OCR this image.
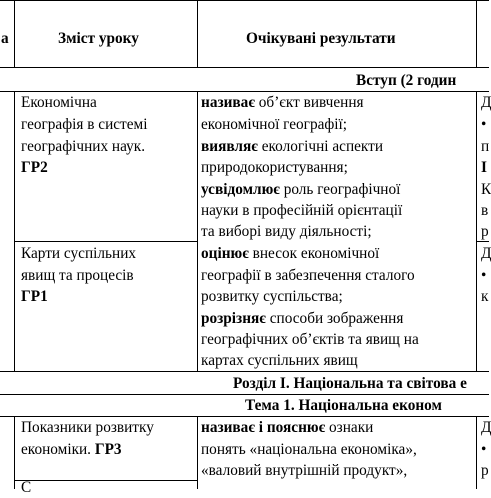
а	Зміст уроку	Очікувані результати
Вступ (2 годин
Розділ І. Національна та світова е
Тема 1. Національна економ
Економічна
географія в системі
географічних наук.
ГР2
Карти суспільних
явищ та процесів
ГР1
Показники розвитку
економіки. ГР3
С
називає об’єкт вивчення
економічної географії;
виявляє екологічні аспекти
природокористування;
усвідомлює роль географічної
науки в професійній орієнтації
та виборі виду діяльності;
оцінює внесок економічної
географії в забезпечення сталого
розвитку суспільства;
розрізняє способи зображення
географічних об’єктів та явищ на
картах суспільних явищ
називає і пояснює ознаки
понять «національна економіка»,
«валовий внутрішній продукт»,
Д
•
п
І
К
в
р
Д
•
к
Д
•
р
